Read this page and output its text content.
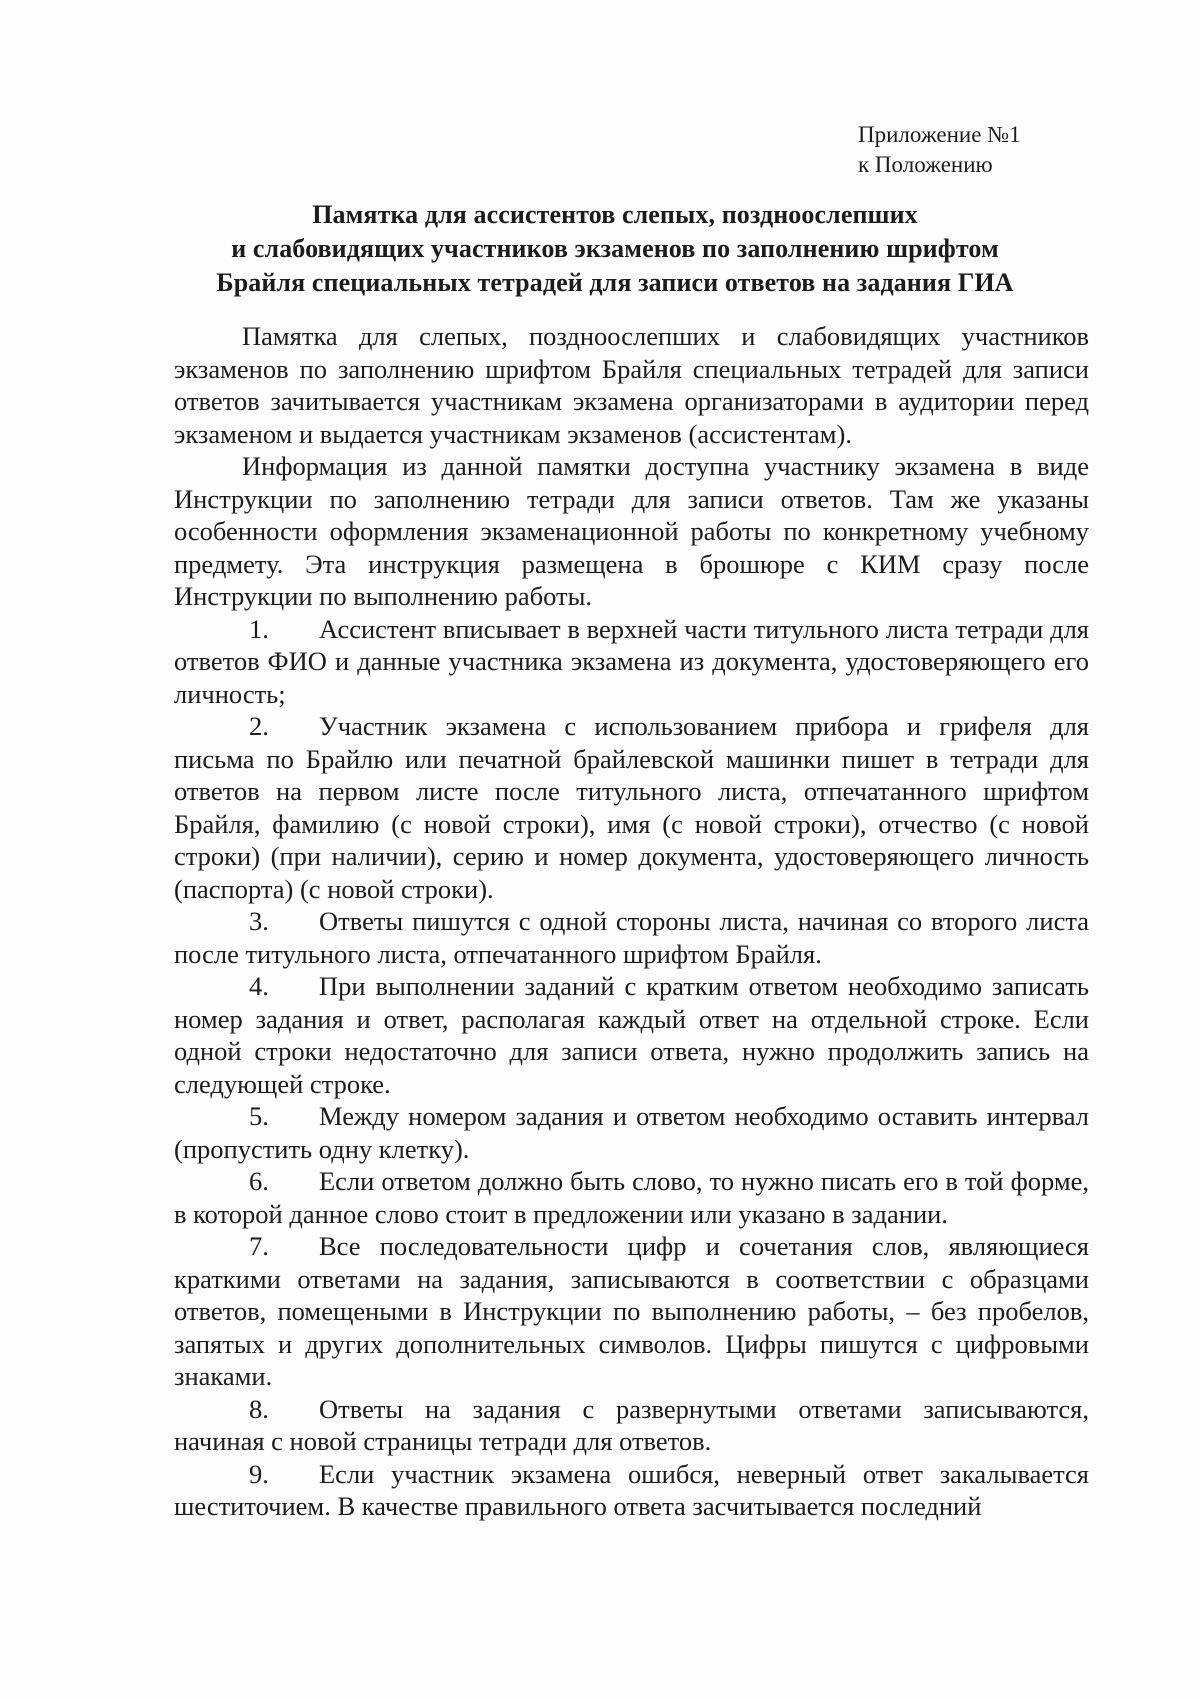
Приложение №1
к Положению
Памятка для ассистентов слепых, поздноослепших
и слабовидящих участников экзаменов по заполнению шрифтом
Брайля специальных тетрадей для записи ответов на задания ГИА

Памятка для слепых, поздноослепших и слабовидящих участников экзаменов по заполнению шрифтом Брайля специальных тетрадей для записи ответов зачитывается участникам экзамена организаторами в аудитории перед экзаменом и выдается участникам экзаменов (ассистентам).

Информация из данной памятки доступна участнику экзамена в виде Инструкции по заполнению тетради для записи ответов. Там же указаны особенности оформления экзаменационной работы по конкретному учебному предмету. Эта инструкция размещена в брошюре с КИМ сразу после Инструкции по выполнению работы.

1. Ассистент вписывает в верхней части титульного листа тетради для ответов ФИО и данные участника экзамена из документа, удостоверяющего его личность;

2. Участник экзамена с использованием прибора и грифеля для письма по Брайлю или печатной брайлевской машинки пишет в тетради для ответов на первом листе после титульного листа, отпечатанного шрифтом Брайля, фамилию (с новой строки), имя (с новой строки), отчество (с новой строки) (при наличии), серию и номер документа, удостоверяющего личность (паспорта) (с новой строки).

3. Ответы пишутся с одной стороны листа, начиная со второго листа после титульного листа, отпечатанного шрифтом Брайля.

4. При выполнении заданий с кратким ответом необходимо записать номер задания и ответ, располагая каждый ответ на отдельной строке. Если одной строки недостаточно для записи ответа, нужно продолжить запись на следующей строке.

5. Между номером задания и ответом необходимо оставить интервал (пропустить одну клетку).

6. Если ответом должно быть слово, то нужно писать его в той форме, в которой данное слово стоит в предложении или указано в задании.

7. Все последовательности цифр и сочетания слов, являющиеся краткими ответами на задания, записываются в соответствии с образцами ответов, помещеными в Инструкции по выполнению работы, – без пробелов, запятых и других дополнительных символов. Цифры пишутся с цифровыми знаками.

8. Ответы на задания с развернутыми ответами записываются, начиная с новой страницы тетради для ответов.

9. Если участник экзамена ошибся, неверный ответ закалывается шеститочием. В качестве правильного ответа засчитывается последний
